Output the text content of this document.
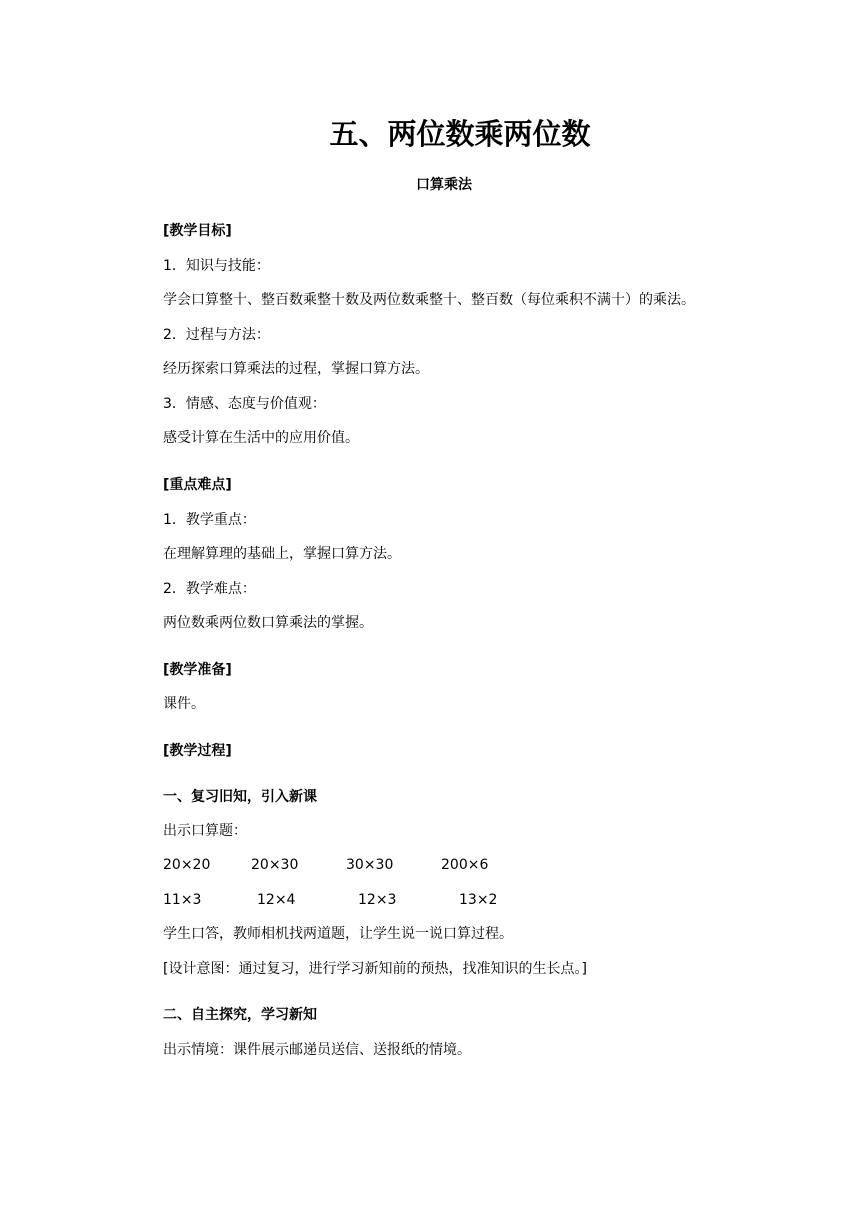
五、两位数乘两位数
口算乘法
[教学目标]
1．知识与技能：
学会口算整十、整百数乘整十数及两位数乘整十、整百数（每位乘积不满十）的乘法。
2．过程与方法：
经历探索口算乘法的过程，掌握口算方法。
3．情感、态度与价值观：
感受计算在生活中的应用价值。
[重点难点]
1．教学重点：
在理解算理的基础上，掌握口算方法。
2．教学难点：
两位数乘两位数口算乘法的掌握。
[教学准备]
课件。
[教学过程]
一、复习旧知，引入新课
出示口算题：
20×20	20×30	30×30	200×6
11×3	12×4	12×3	13×2
学生口答，教师相机找两道题，让学生说一说口算过程。
[设计意图：通过复习，进行学习新知前的预热，找准知识的生长点。]
二、自主探究，学习新知
出示情境：课件展示邮递员送信、送报纸的情境。
